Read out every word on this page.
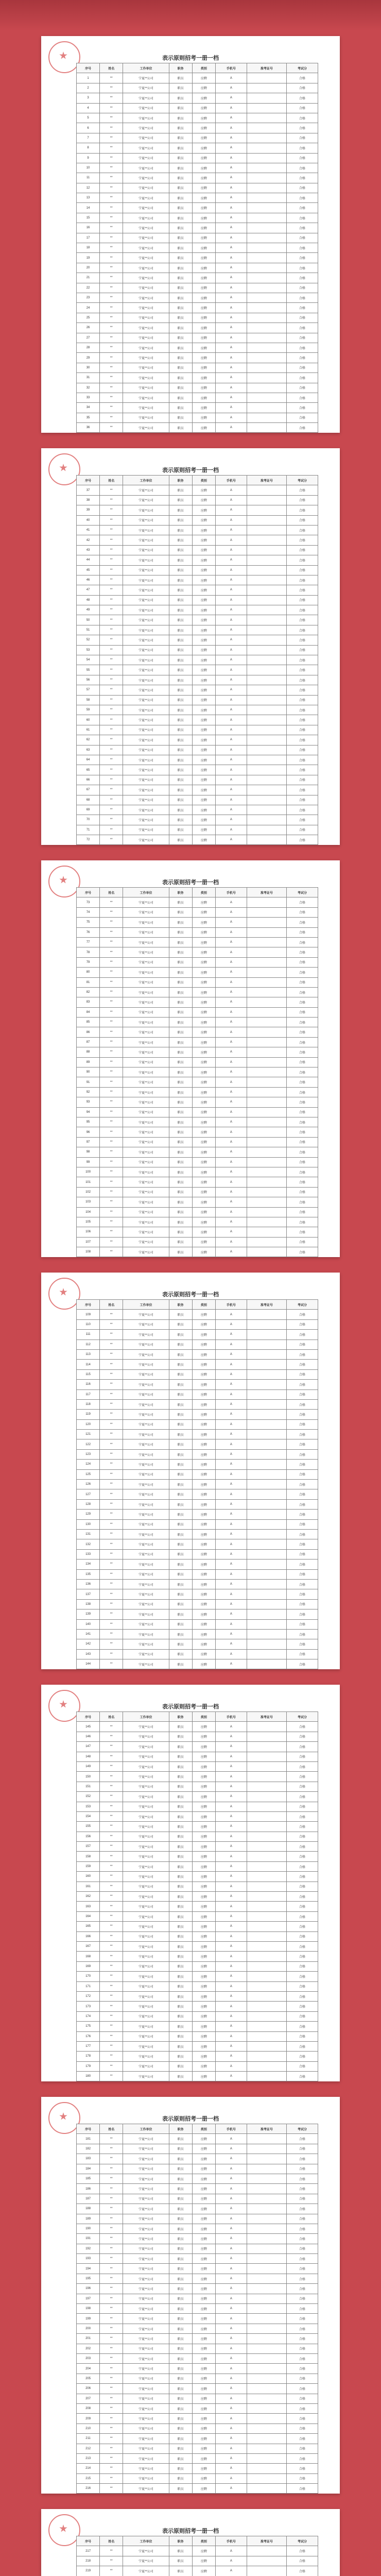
表示原则招考一册一档
序号	姓名	工作单位	职务	类别	手机号	准考证号	考试分
1	**	宁夏**公司	职员	应聘	A		合格
2	**	宁夏**公司	职员	应聘	A		合格
3	**	宁夏**公司	职员	应聘	A		合格
4	**	宁夏**公司	职员	应聘	A		合格
5	**	宁夏**公司	职员	应聘	A		合格
6	**	宁夏**公司	职员	应聘	A		合格
7	**	宁夏**公司	职员	应聘	A		合格
8	**	宁夏**公司	职员	应聘	A		合格
9	**	宁夏**公司	职员	应聘	A		合格
10	**	宁夏**公司	职员	应聘	A		合格
11	**	宁夏**公司	职员	应聘	A		合格
12	**	宁夏**公司	职员	应聘	A		合格
13	**	宁夏**公司	职员	应聘	A		合格
14	**	宁夏**公司	职员	应聘	A		合格
15	**	宁夏**公司	职员	应聘	A		合格
16	**	宁夏**公司	职员	应聘	A		合格
17	**	宁夏**公司	职员	应聘	A		合格
18	**	宁夏**公司	职员	应聘	A		合格
19	**	宁夏**公司	职员	应聘	A		合格
20	**	宁夏**公司	职员	应聘	A		合格
21	**	宁夏**公司	职员	应聘	A		合格
22	**	宁夏**公司	职员	应聘	A		合格
23	**	宁夏**公司	职员	应聘	A		合格
24	**	宁夏**公司	职员	应聘	A		合格
25	**	宁夏**公司	职员	应聘	A		合格
26	**	宁夏**公司	职员	应聘	A		合格
27	**	宁夏**公司	职员	应聘	A		合格
28	**	宁夏**公司	职员	应聘	A		合格
29	**	宁夏**公司	职员	应聘	A		合格
30	**	宁夏**公司	职员	应聘	A		合格
31	**	宁夏**公司	职员	应聘	A		合格
32	**	宁夏**公司	职员	应聘	A		合格
33	**	宁夏**公司	职员	应聘	A		合格
34	**	宁夏**公司	职员	应聘	A		合格
35	**	宁夏**公司	职员	应聘	A		合格
36	**	宁夏**公司	职员	应聘	A		合格
表示原则招考一册一档
序号	姓名	工作单位	职务	类别	手机号	准考证号	考试分
37	**	宁夏**公司	职员	应聘	A		合格
38	**	宁夏**公司	职员	应聘	A		合格
39	**	宁夏**公司	职员	应聘	A		合格
40	**	宁夏**公司	职员	应聘	A		合格
41	**	宁夏**公司	职员	应聘	A		合格
42	**	宁夏**公司	职员	应聘	A		合格
43	**	宁夏**公司	职员	应聘	A		合格
44	**	宁夏**公司	职员	应聘	A		合格
45	**	宁夏**公司	职员	应聘	A		合格
46	**	宁夏**公司	职员	应聘	A		合格
47	**	宁夏**公司	职员	应聘	A		合格
48	**	宁夏**公司	职员	应聘	A		合格
49	**	宁夏**公司	职员	应聘	A		合格
50	**	宁夏**公司	职员	应聘	A		合格
51	**	宁夏**公司	职员	应聘	A		合格
52	**	宁夏**公司	职员	应聘	A		合格
53	**	宁夏**公司	职员	应聘	A		合格
54	**	宁夏**公司	职员	应聘	A		合格
55	**	宁夏**公司	职员	应聘	A		合格
56	**	宁夏**公司	职员	应聘	A		合格
57	**	宁夏**公司	职员	应聘	A		合格
58	**	宁夏**公司	职员	应聘	A		合格
59	**	宁夏**公司	职员	应聘	A		合格
60	**	宁夏**公司	职员	应聘	A		合格
61	**	宁夏**公司	职员	应聘	A		合格
62	**	宁夏**公司	职员	应聘	A		合格
63	**	宁夏**公司	职员	应聘	A		合格
64	**	宁夏**公司	职员	应聘	A		合格
65	**	宁夏**公司	职员	应聘	A		合格
66	**	宁夏**公司	职员	应聘	A		合格
67	**	宁夏**公司	职员	应聘	A		合格
68	**	宁夏**公司	职员	应聘	A		合格
69	**	宁夏**公司	职员	应聘	A		合格
70	**	宁夏**公司	职员	应聘	A		合格
71	**	宁夏**公司	职员	应聘	A		合格
72	**	宁夏**公司	职员	应聘	A		合格
表示原则招考一册一档
序号	姓名	工作单位	职务	类别	手机号	准考证号	考试分
73	**	宁夏**公司	职员	应聘	A		合格
74	**	宁夏**公司	职员	应聘	A		合格
75	**	宁夏**公司	职员	应聘	A		合格
76	**	宁夏**公司	职员	应聘	A		合格
77	**	宁夏**公司	职员	应聘	A		合格
78	**	宁夏**公司	职员	应聘	A		合格
79	**	宁夏**公司	职员	应聘	A		合格
80	**	宁夏**公司	职员	应聘	A		合格
81	**	宁夏**公司	职员	应聘	A		合格
82	**	宁夏**公司	职员	应聘	A		合格
83	**	宁夏**公司	职员	应聘	A		合格
84	**	宁夏**公司	职员	应聘	A		合格
85	**	宁夏**公司	职员	应聘	A		合格
86	**	宁夏**公司	职员	应聘	A		合格
87	**	宁夏**公司	职员	应聘	A		合格
88	**	宁夏**公司	职员	应聘	A		合格
89	**	宁夏**公司	职员	应聘	A		合格
90	**	宁夏**公司	职员	应聘	A		合格
91	**	宁夏**公司	职员	应聘	A		合格
92	**	宁夏**公司	职员	应聘	A		合格
93	**	宁夏**公司	职员	应聘	A		合格
94	**	宁夏**公司	职员	应聘	A		合格
95	**	宁夏**公司	职员	应聘	A		合格
96	**	宁夏**公司	职员	应聘	A		合格
97	**	宁夏**公司	职员	应聘	A		合格
98	**	宁夏**公司	职员	应聘	A		合格
99	**	宁夏**公司	职员	应聘	A		合格
100	**	宁夏**公司	职员	应聘	A		合格
101	**	宁夏**公司	职员	应聘	A		合格
102	**	宁夏**公司	职员	应聘	A		合格
103	**	宁夏**公司	职员	应聘	A		合格
104	**	宁夏**公司	职员	应聘	A		合格
105	**	宁夏**公司	职员	应聘	A		合格
106	**	宁夏**公司	职员	应聘	A		合格
107	**	宁夏**公司	职员	应聘	A		合格
108	**	宁夏**公司	职员	应聘	A		合格
表示原则招考一册一档
序号	姓名	工作单位	职务	类别	手机号	准考证号	考试分
109	**	宁夏**公司	职员	应聘	A		合格
110	**	宁夏**公司	职员	应聘	A		合格
111	**	宁夏**公司	职员	应聘	A		合格
112	**	宁夏**公司	职员	应聘	A		合格
113	**	宁夏**公司	职员	应聘	A		合格
114	**	宁夏**公司	职员	应聘	A		合格
115	**	宁夏**公司	职员	应聘	A		合格
116	**	宁夏**公司	职员	应聘	A		合格
117	**	宁夏**公司	职员	应聘	A		合格
118	**	宁夏**公司	职员	应聘	A		合格
119	**	宁夏**公司	职员	应聘	A		合格
120	**	宁夏**公司	职员	应聘	A		合格
121	**	宁夏**公司	职员	应聘	A		合格
122	**	宁夏**公司	职员	应聘	A		合格
123	**	宁夏**公司	职员	应聘	A		合格
124	**	宁夏**公司	职员	应聘	A		合格
125	**	宁夏**公司	职员	应聘	A		合格
126	**	宁夏**公司	职员	应聘	A		合格
127	**	宁夏**公司	职员	应聘	A		合格
128	**	宁夏**公司	职员	应聘	A		合格
129	**	宁夏**公司	职员	应聘	A		合格
130	**	宁夏**公司	职员	应聘	A		合格
131	**	宁夏**公司	职员	应聘	A		合格
132	**	宁夏**公司	职员	应聘	A		合格
133	**	宁夏**公司	职员	应聘	A		合格
134	**	宁夏**公司	职员	应聘	A		合格
135	**	宁夏**公司	职员	应聘	A		合格
136	**	宁夏**公司	职员	应聘	A		合格
137	**	宁夏**公司	职员	应聘	A		合格
138	**	宁夏**公司	职员	应聘	A		合格
139	**	宁夏**公司	职员	应聘	A		合格
140	**	宁夏**公司	职员	应聘	A		合格
141	**	宁夏**公司	职员	应聘	A		合格
142	**	宁夏**公司	职员	应聘	A		合格
143	**	宁夏**公司	职员	应聘	A		合格
144	**	宁夏**公司	职员	应聘	A		合格
表示原则招考一册一档
序号	姓名	工作单位	职务	类别	手机号	准考证号	考试分
145	**	宁夏**公司	职员	应聘	A		合格
146	**	宁夏**公司	职员	应聘	A		合格
147	**	宁夏**公司	职员	应聘	A		合格
148	**	宁夏**公司	职员	应聘	A		合格
149	**	宁夏**公司	职员	应聘	A		合格
150	**	宁夏**公司	职员	应聘	A		合格
151	**	宁夏**公司	职员	应聘	A		合格
152	**	宁夏**公司	职员	应聘	A		合格
153	**	宁夏**公司	职员	应聘	A		合格
154	**	宁夏**公司	职员	应聘	A		合格
155	**	宁夏**公司	职员	应聘	A		合格
156	**	宁夏**公司	职员	应聘	A		合格
157	**	宁夏**公司	职员	应聘	A		合格
158	**	宁夏**公司	职员	应聘	A		合格
159	**	宁夏**公司	职员	应聘	A		合格
160	**	宁夏**公司	职员	应聘	A		合格
161	**	宁夏**公司	职员	应聘	A		合格
162	**	宁夏**公司	职员	应聘	A		合格
163	**	宁夏**公司	职员	应聘	A		合格
164	**	宁夏**公司	职员	应聘	A		合格
165	**	宁夏**公司	职员	应聘	A		合格
166	**	宁夏**公司	职员	应聘	A		合格
167	**	宁夏**公司	职员	应聘	A		合格
168	**	宁夏**公司	职员	应聘	A		合格
169	**	宁夏**公司	职员	应聘	A		合格
170	**	宁夏**公司	职员	应聘	A		合格
171	**	宁夏**公司	职员	应聘	A		合格
172	**	宁夏**公司	职员	应聘	A		合格
173	**	宁夏**公司	职员	应聘	A		合格
174	**	宁夏**公司	职员	应聘	A		合格
175	**	宁夏**公司	职员	应聘	A		合格
176	**	宁夏**公司	职员	应聘	A		合格
177	**	宁夏**公司	职员	应聘	A		合格
178	**	宁夏**公司	职员	应聘	A		合格
179	**	宁夏**公司	职员	应聘	A		合格
180	**	宁夏**公司	职员	应聘	A		合格
表示原则招考一册一档
序号	姓名	工作单位	职务	类别	手机号	准考证号	考试分
181	**	宁夏**公司	职员	应聘	A		合格
182	**	宁夏**公司	职员	应聘	A		合格
183	**	宁夏**公司	职员	应聘	A		合格
184	**	宁夏**公司	职员	应聘	A		合格
185	**	宁夏**公司	职员	应聘	A		合格
186	**	宁夏**公司	职员	应聘	A		合格
187	**	宁夏**公司	职员	应聘	A		合格
188	**	宁夏**公司	职员	应聘	A		合格
189	**	宁夏**公司	职员	应聘	A		合格
190	**	宁夏**公司	职员	应聘	A		合格
191	**	宁夏**公司	职员	应聘	A		合格
192	**	宁夏**公司	职员	应聘	A		合格
193	**	宁夏**公司	职员	应聘	A		合格
194	**	宁夏**公司	职员	应聘	A		合格
195	**	宁夏**公司	职员	应聘	A		合格
196	**	宁夏**公司	职员	应聘	A		合格
197	**	宁夏**公司	职员	应聘	A		合格
198	**	宁夏**公司	职员	应聘	A		合格
199	**	宁夏**公司	职员	应聘	A		合格
200	**	宁夏**公司	职员	应聘	A		合格
201	**	宁夏**公司	职员	应聘	A		合格
202	**	宁夏**公司	职员	应聘	A		合格
203	**	宁夏**公司	职员	应聘	A		合格
204	**	宁夏**公司	职员	应聘	A		合格
205	**	宁夏**公司	职员	应聘	A		合格
206	**	宁夏**公司	职员	应聘	A		合格
207	**	宁夏**公司	职员	应聘	A		合格
208	**	宁夏**公司	职员	应聘	A		合格
209	**	宁夏**公司	职员	应聘	A		合格
210	**	宁夏**公司	职员	应聘	A		合格
211	**	宁夏**公司	职员	应聘	A		合格
212	**	宁夏**公司	职员	应聘	A		合格
213	**	宁夏**公司	职员	应聘	A		合格
214	**	宁夏**公司	职员	应聘	A		合格
215	**	宁夏**公司	职员	应聘	A		合格
216	**	宁夏**公司	职员	应聘	A		合格
表示原则招考一册一档
序号	姓名	工作单位	职务	类别	手机号	准考证号	考试分
217	**	宁夏**公司	职员	应聘	A		合格
218	**	宁夏**公司	职员	应聘	A		合格
219	**	宁夏**公司	职员	应聘	A		合格
